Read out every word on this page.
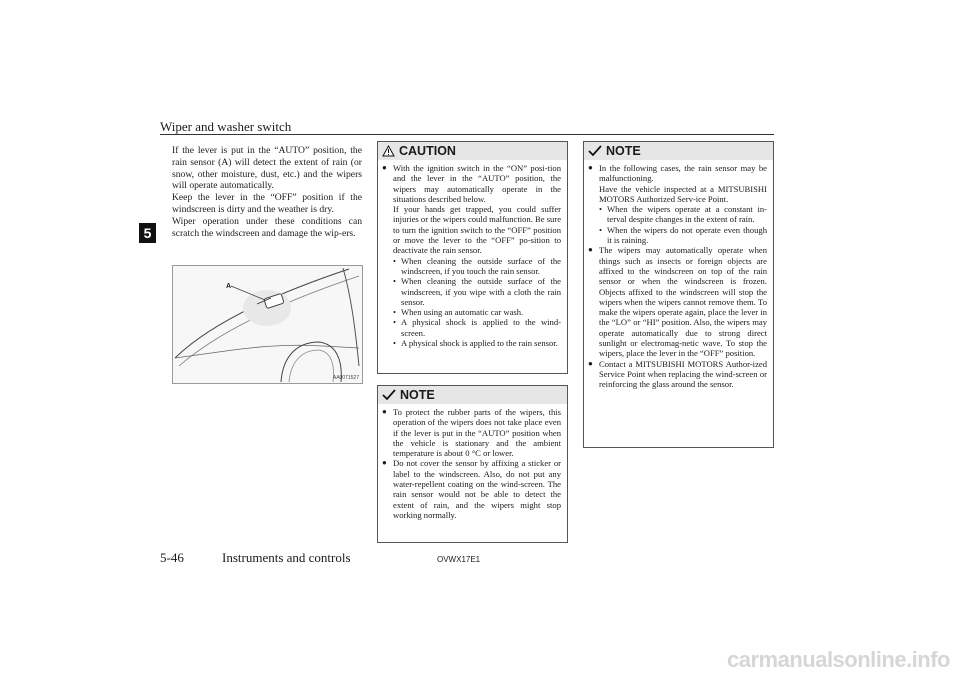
Wiper and washer switch
5

If the lever is put in the “AUTO” position, the rain sensor (A) will detect the extent of rain (or snow, other moisture, dust, etc.) and the wipers will operate automatically.

Keep the lever in the “OFF” position if the windscreen is dirty and the weather is dry.

Wiper operation under these conditions can scratch the windscreen and damage the wip-ers.

A
AA0071527
CAUTION
● With the ignition switch in the “ON” posi-tion and the lever in the “AUTO” position, the wipers may automatically operate in the situations described below.
If your hands get trapped, you could suffer injuries or the wipers could malfunction. Be sure to turn the ignition switch to the “OFF” position or move the lever to the “OFF” po-sition to deactivate the rain sensor.
• When cleaning the outside surface of the windscreen, if you touch the rain sensor.
• When cleaning the outside surface of the windscreen, if you wipe with a cloth the rain sensor.
• When using an automatic car wash.
• A physical shock is applied to the wind-screen.
• A physical shock is applied to the rain sensor.
NOTE
● To protect the rubber parts of the wipers, this operation of the wipers does not take place even if the lever is put in the “AUTO” position when the vehicle is stationary and the ambient temperature is about 0 °C or lower.
● Do not cover the sensor by affixing a sticker or label to the windscreen. Also, do not put any water-repellent coating on the wind-screen. The rain sensor would not be able to detect the extent of rain, and the wipers might stop working normally.
NOTE
● In the following cases, the rain sensor may be malfunctioning.
Have the vehicle inspected at a MITSUBISHI MOTORS Authorized Serv-ice Point.
• When the wipers operate at a constant in-terval despite changes in the extent of rain.
• When the wipers do not operate even though it is raining.
● The wipers may automatically operate when things such as insects or foreign objects are affixed to the windscreen on top of the rain sensor or when the windscreen is frozen. Objects affixed to the windscreen will stop the wipers when the wipers cannot remove them. To make the wipers operate again, place the lever in the “LO” or “HI” position. Also, the wipers may operate automatically due to strong direct sunlight or electromag-netic wave. To stop the wipers, place the lever in the “OFF” position.
● Contact a MITSUBISHI MOTORS Author-ized Service Point when replacing the wind-screen or reinforcing the glass around the sensor.
5-46	Instruments and controls	OVWX17E1
carmanualsonline.info
